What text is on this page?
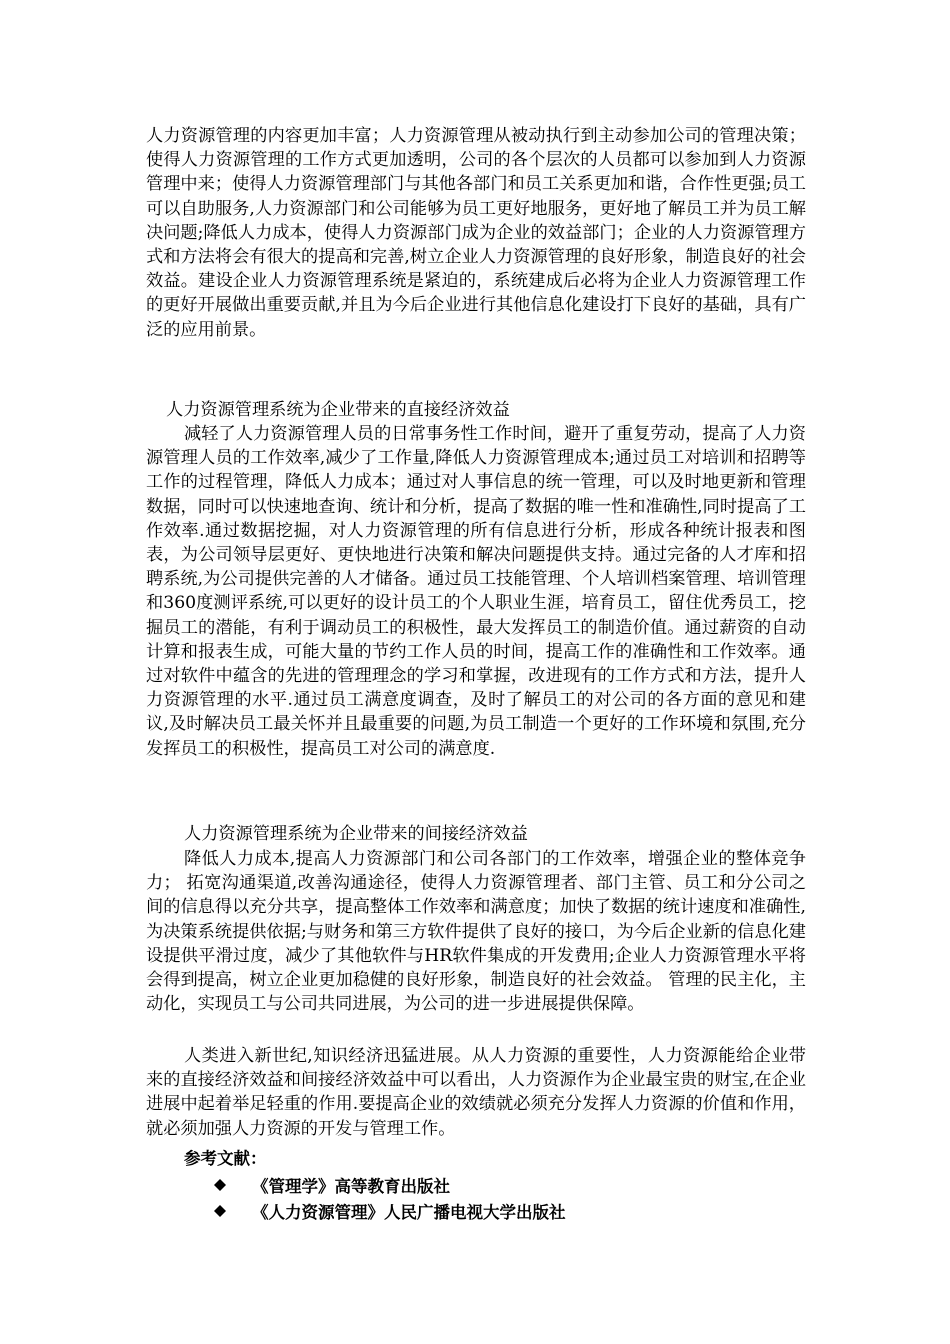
人力资源管理的内容更加丰富；人力资源管理从被动执行到主动参加公司的管理决策；使得人力资源管理的工作方式更加透明，公司的各个层次的人员都可以参加到人力资源管理中来；使得人力资源管理部门与其他各部门和员工关系更加和谐，合作性更强;员工可以自助服务,人力资源部门和公司能够为员工更好地服务，更好地了解员工并为员工解决问题;降低人力成本，使得人力资源部门成为企业的效益部门；企业的人力资源管理方式和方法将会有很大的提高和完善,树立企业人力资源管理的良好形象，制造良好的社会效益。建设企业人力资源管理系统是紧迫的，系统建成后必将为企业人力资源管理工作的更好开展做出重要贡献,并且为今后企业进行其他信息化建设打下良好的基础，具有广泛的应用前景。

人力资源管理系统为企业带来的直接经济效益

减轻了人力资源管理人员的日常事务性工作时间，避开了重复劳动，提高了人力资源管理人员的工作效率,减少了工作量,降低人力资源管理成本;通过员工对培训和招聘等工作的过程管理，降低人力成本；通过对人事信息的统一管理，可以及时地更新和管理数据，同时可以快速地查询、统计和分析，提高了数据的唯一性和准确性,同时提高了工作效率.通过数据挖掘，对人力资源管理的所有信息进行分析，形成各种统计报表和图表，为公司领导层更好、更快地进行决策和解决问题提供支持。通过完备的人才库和招聘系统,为公司提供完善的人才储备。通过员工技能管理、个人培训档案管理、培训管理和360度测评系统,可以更好的设计员工的个人职业生涯，培育员工，留住优秀员工，挖掘员工的潜能，有利于调动员工的积极性，最大发挥员工的制造价值。通过薪资的自动计算和报表生成，可能大量的节约工作人员的时间，提高工作的准确性和工作效率。通过对软件中蕴含的先进的管理理念的学习和掌握，改进现有的工作方式和方法，提升人力资源管理的水平.通过员工满意度调查，及时了解员工的对公司的各方面的意见和建议,及时解决员工最关怀并且最重要的问题,为员工制造一个更好的工作环境和氛围,充分发挥员工的积极性，提高员工对公司的满意度.

人力资源管理系统为企业带来的间接经济效益

降低人力成本,提高人力资源部门和公司各部门的工作效率，增强企业的整体竞争力； 拓宽沟通渠道,改善沟通途径，使得人力资源管理者、部门主管、员工和分公司之间的信息得以充分共享，提高整体工作效率和满意度；加快了数据的统计速度和准确性,为决策系统提供依据;与财务和第三方软件提供了良好的接口，为今后企业新的信息化建设提供平滑过度，减少了其他软件与HR软件集成的开发费用;企业人力资源管理水平将会得到提高，树立企业更加稳健的良好形象，制造良好的社会效益。 管理的民主化，主动化，实现员工与公司共同进展，为公司的进一步进展提供保障。

人类进入新世纪,知识经济迅猛进展。从人力资源的重要性，人力资源能给企业带来的直接经济效益和间接经济效益中可以看出，人力资源作为企业最宝贵的财宝,在企业进展中起着举足轻重的作用.要提高企业的效绩就必须充分发挥人力资源的价值和作用，就必须加强人力资源的开发与管理工作。

参考文献：

《管理学》高等教育出版社
《人力资源管理》人民广播电视大学出版社
